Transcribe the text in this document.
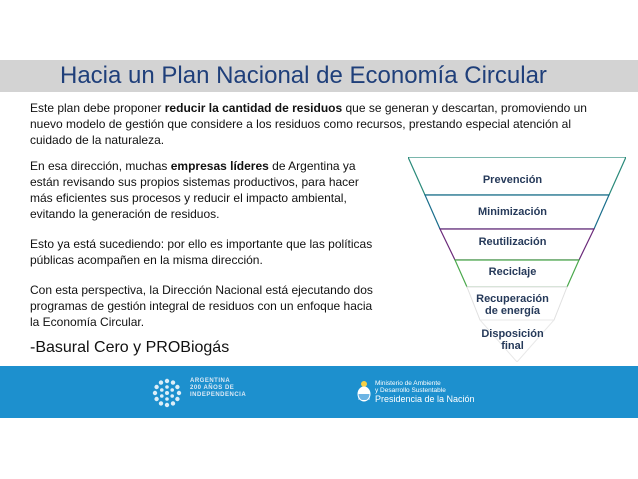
Hacia un Plan Nacional de Economía Circular
Este plan debe proponer reducir la cantidad de residuos que se generan y descartan, promoviendo un
nuevo modelo de gestión que considere a los residuos como recursos, prestando especial atención al
cuidado de la naturaleza.

En esa dirección, muchas empresas líderes de Argentina ya
están revisando sus propios sistemas productivos, para hacer
más eficientes sus procesos y reducir el impacto ambiental,
evitando la generación de residuos.

Esto ya está sucediendo: por ello es importante que las políticas
públicas acompañen en la misma dirección.

Con esta perspectiva, la Dirección Nacional está ejecutando dos
programas de gestión integral de residuos con un enfoque hacia
la Economía Circular.

-Basural Cero y PROBiogás
Prevención
Minimización
Reutilización
Reciclaje
Recuperación
de energía
Disposición
final
ARGENTINA
200 AÑOS DE
INDEPENDENCIA
Ministerio de Ambiente
y Desarrollo Sustentable
Presidencia de la Nación
